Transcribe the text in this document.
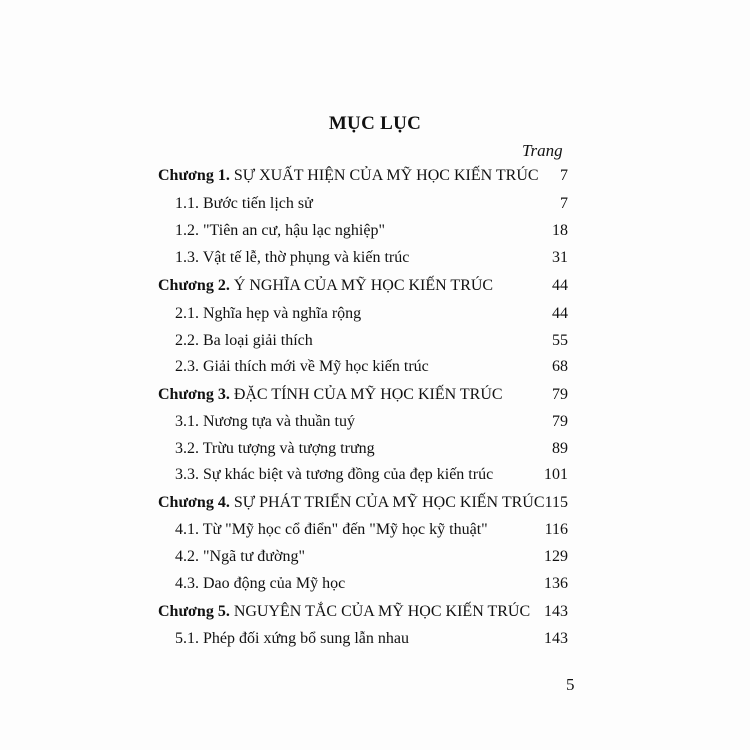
MỤC LỤC
Trang
Chương 1. SỰ XUẤT HIỆN CỦA MỸ HỌC KIẾN TRÚC 7
1.1. Bước tiến lịch sử	7
1.2. "Tiên an cư, hậu lạc nghiệp"	18
1.3. Vật tế lễ, thờ phụng và kiến trúc	31
Chương 2. Ý NGHĨA CỦA MỸ HỌC KIẾN TRÚC	44
2.1. Nghĩa hẹp và nghĩa rộng	44
2.2. Ba loại giải thích	55
2.3. Giải thích mới về Mỹ học kiến trúc	68
Chương 3. ĐẶC TÍNH CỦA MỸ HỌC KIẾN TRÚC	79
3.1. Nương tựa và thuần tuý	79
3.2. Trừu tượng và tượng trưng	89
3.3. Sự khác biệt và tương đồng của đẹp kiến trúc	101
Chương 4. SỰ PHÁT TRIỂN CỦA MỸ HỌC KIẾN TRÚC 115
4.1. Từ "Mỹ học cổ điển" đến "Mỹ học kỹ thuật"	116
4.2. "Ngã tư đường"	129
4.3. Dao động của Mỹ học	136
Chương 5. NGUYÊN TẮC CỦA MỸ HỌC KIẾN TRÚC 143
5.1. Phép đối xứng bổ sung lẫn nhau	143
5
